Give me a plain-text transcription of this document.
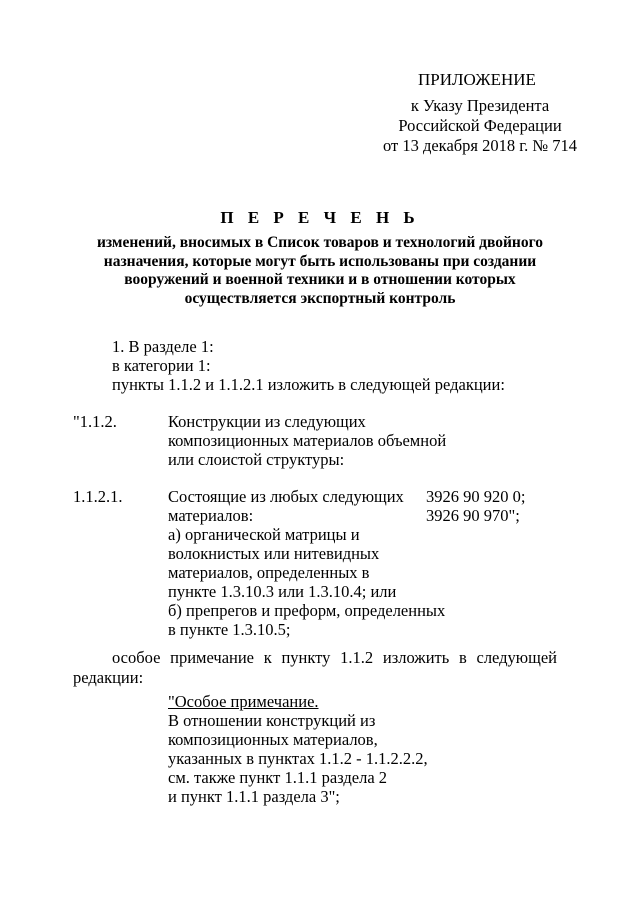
ПРИЛОЖЕНИЕ
к Указу Президента
Российской Федерации
от 13 декабря 2018 г. № 714
П Е Р Е Ч Е Н Ь
изменений, вносимых в Список товаров и технологий двойного
назначения, которые могут быть использованы при создании
вооружений и военной техники и в отношении которых
осуществляется экспортный контроль
1. В разделе 1:
в категории 1:
пункты 1.1.2 и 1.1.2.1 изложить в следующей редакции:
"1.1.2.	Конструкции из следующих
композиционных материалов объемной
или слоистой структуры:
1.1.2.1.	Состоящие из любых следующих
материалов:
а) органической матрицы и
волокнистых или нитевидных
материалов, определенных в
пункте 1.3.10.3 или 1.3.10.4; или
б) препрегов и преформ, определенных
в пункте 1.3.10.5;
3926 90 920 0;
3926 90 970";
особое примечание к пункту 1.1.2 изложить в следующей редакции:
"Особое примечание.
В отношении конструкций из
композиционных материалов,
указанных в пунктах 1.1.2 - 1.1.2.2.2,
см. также пункт 1.1.1 раздела 2
и пункт 1.1.1 раздела 3";
